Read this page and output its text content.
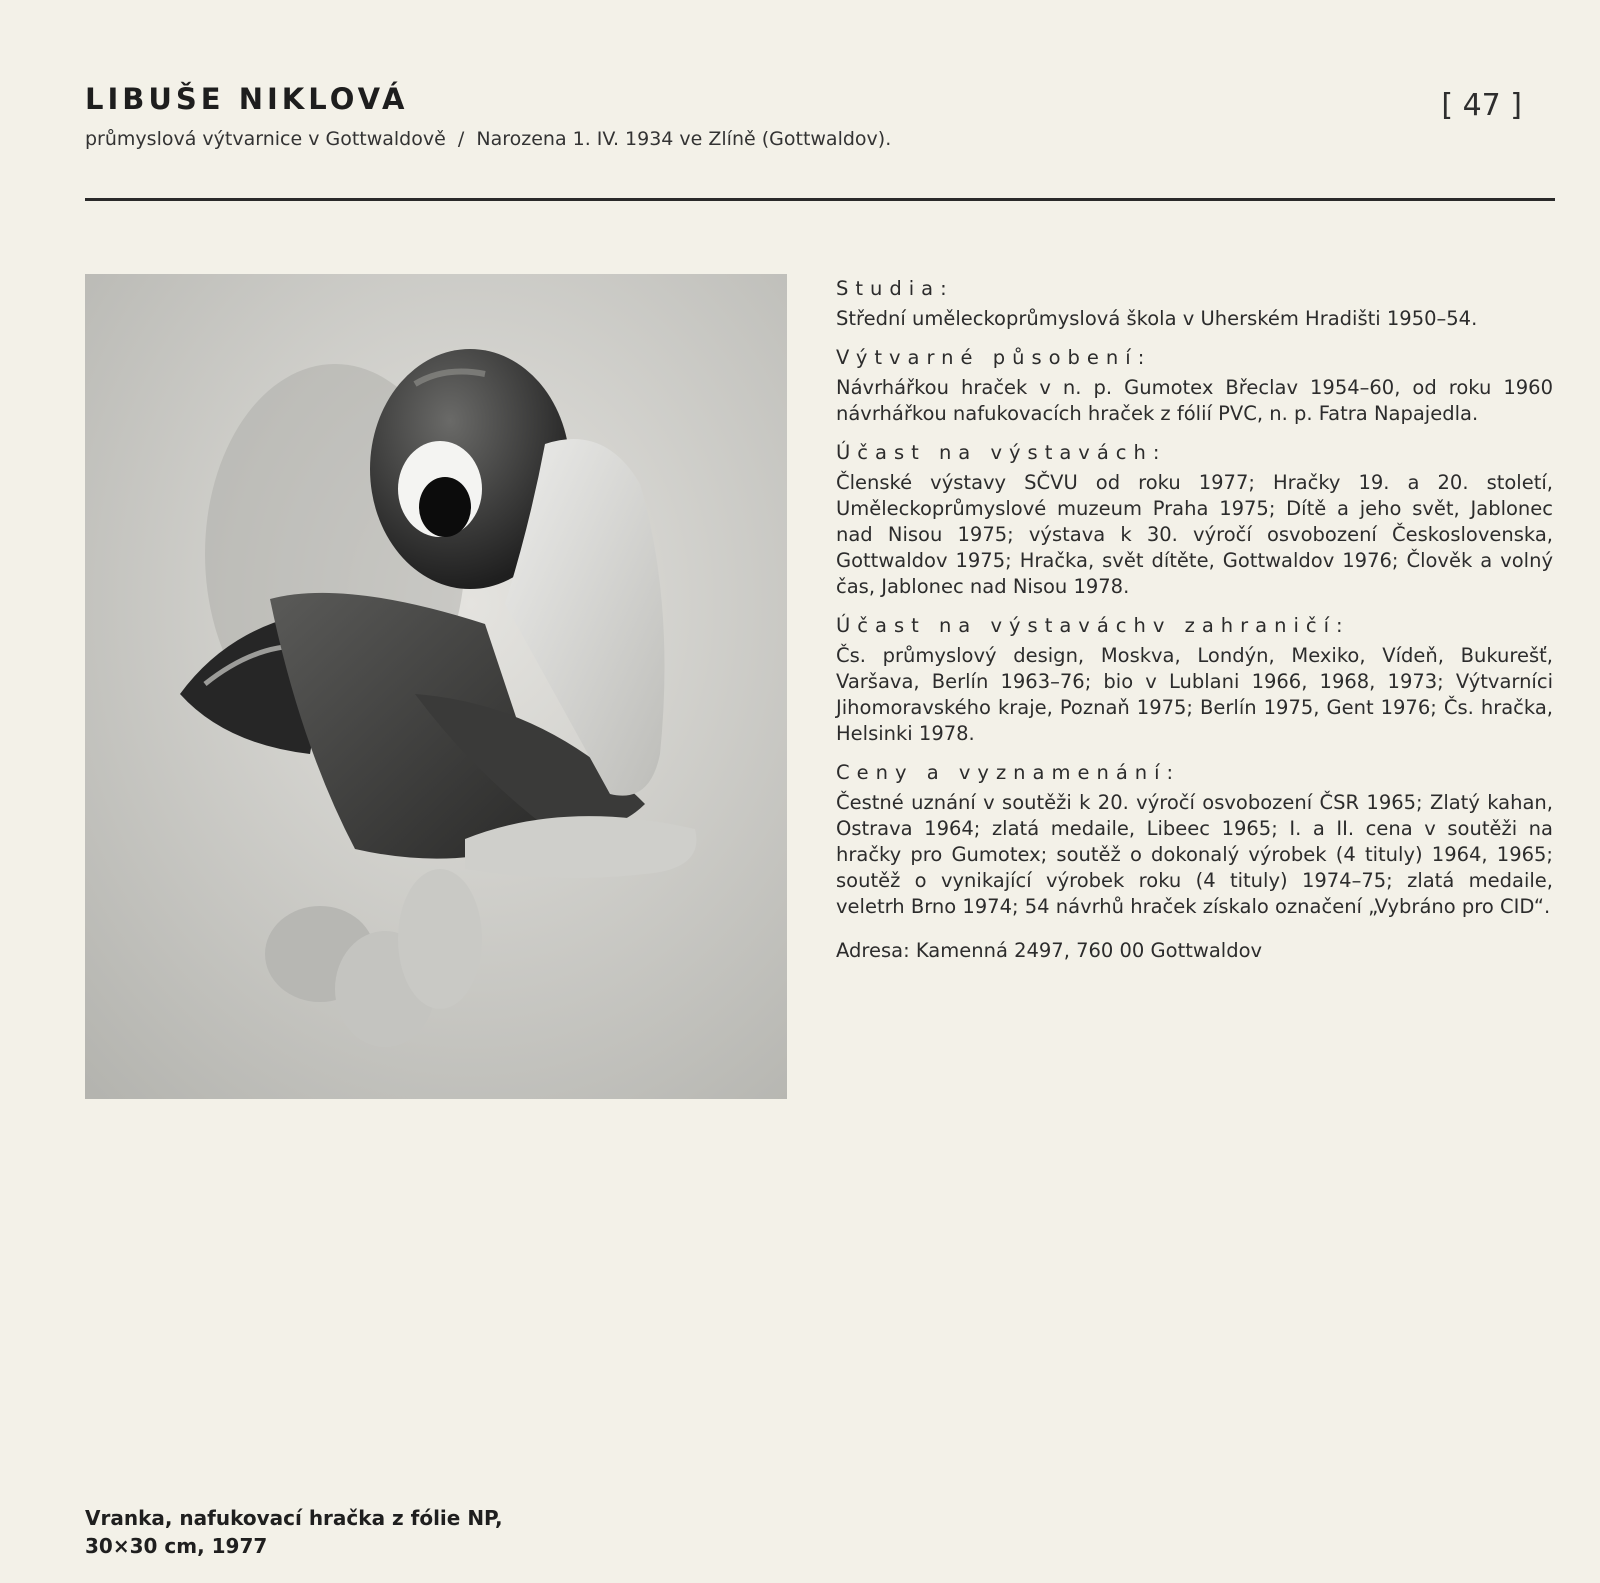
LIBUŠE NIKLOVÁ
průmyslová výtvarnice v Gottwaldově  /  Narozena 1. IV. 1934 ve Zlíně (Gottwaldov).
[ 47 ]
Studia:
Střední uměleckoprůmyslová škola v Uherském Hradišti 1950–54.
Výtvarné působení:
Návrhářkou hraček v n. p. Gumotex Břeclav 1954–60, od roku 1960 návrhářkou nafukovacích hraček z fólií PVC, n. p. Fatra Napajedla.
Účast na výstavách:
Členské výstavy SČVU od roku 1977; Hračky 19. a 20. století, Uměleckoprůmyslové muzeum Praha 1975; Dítě a jeho svět, Jablonec nad Nisou 1975; výstava k 30. výročí osvobození Československa, Gottwaldov 1975; Hračka, svět dítěte, Gottwaldov 1976; Člověk a volný čas, Jablonec nad Nisou 1978.
Účast na výstaváchv zahraničí:
Čs. průmyslový design, Moskva, Londýn, Mexiko, Vídeň, Bukurešť, Varšava, Berlín 1963–76; bio v Lublani 1966, 1968, 1973; Výtvarníci Jihomoravského kraje, Poznaň 1975; Berlín 1975, Gent 1976; Čs. hračka, Helsinki 1978.
Ceny a vyznamenání:
Čestné uznání v soutěži k 20. výročí osvobození ČSR 1965; Zlatý kahan, Ostrava 1964; zlatá medaile, Libeec 1965; I. a II. cena v soutěži na hračky pro Gumotex; soutěž o dokonalý výrobek (4 tituly) 1964, 1965; soutěž o vynikající výrobek roku (4 tituly) 1974–75; zlatá medaile, veletrh Brno 1974; 54 návrhů hraček získalo označení „Vybráno pro CID“.
Adresa: Kamenná 2497, 760 00 Gottwaldov
Vranka, nafukovací hračka z fólie NP,
30×30 cm, 1977
